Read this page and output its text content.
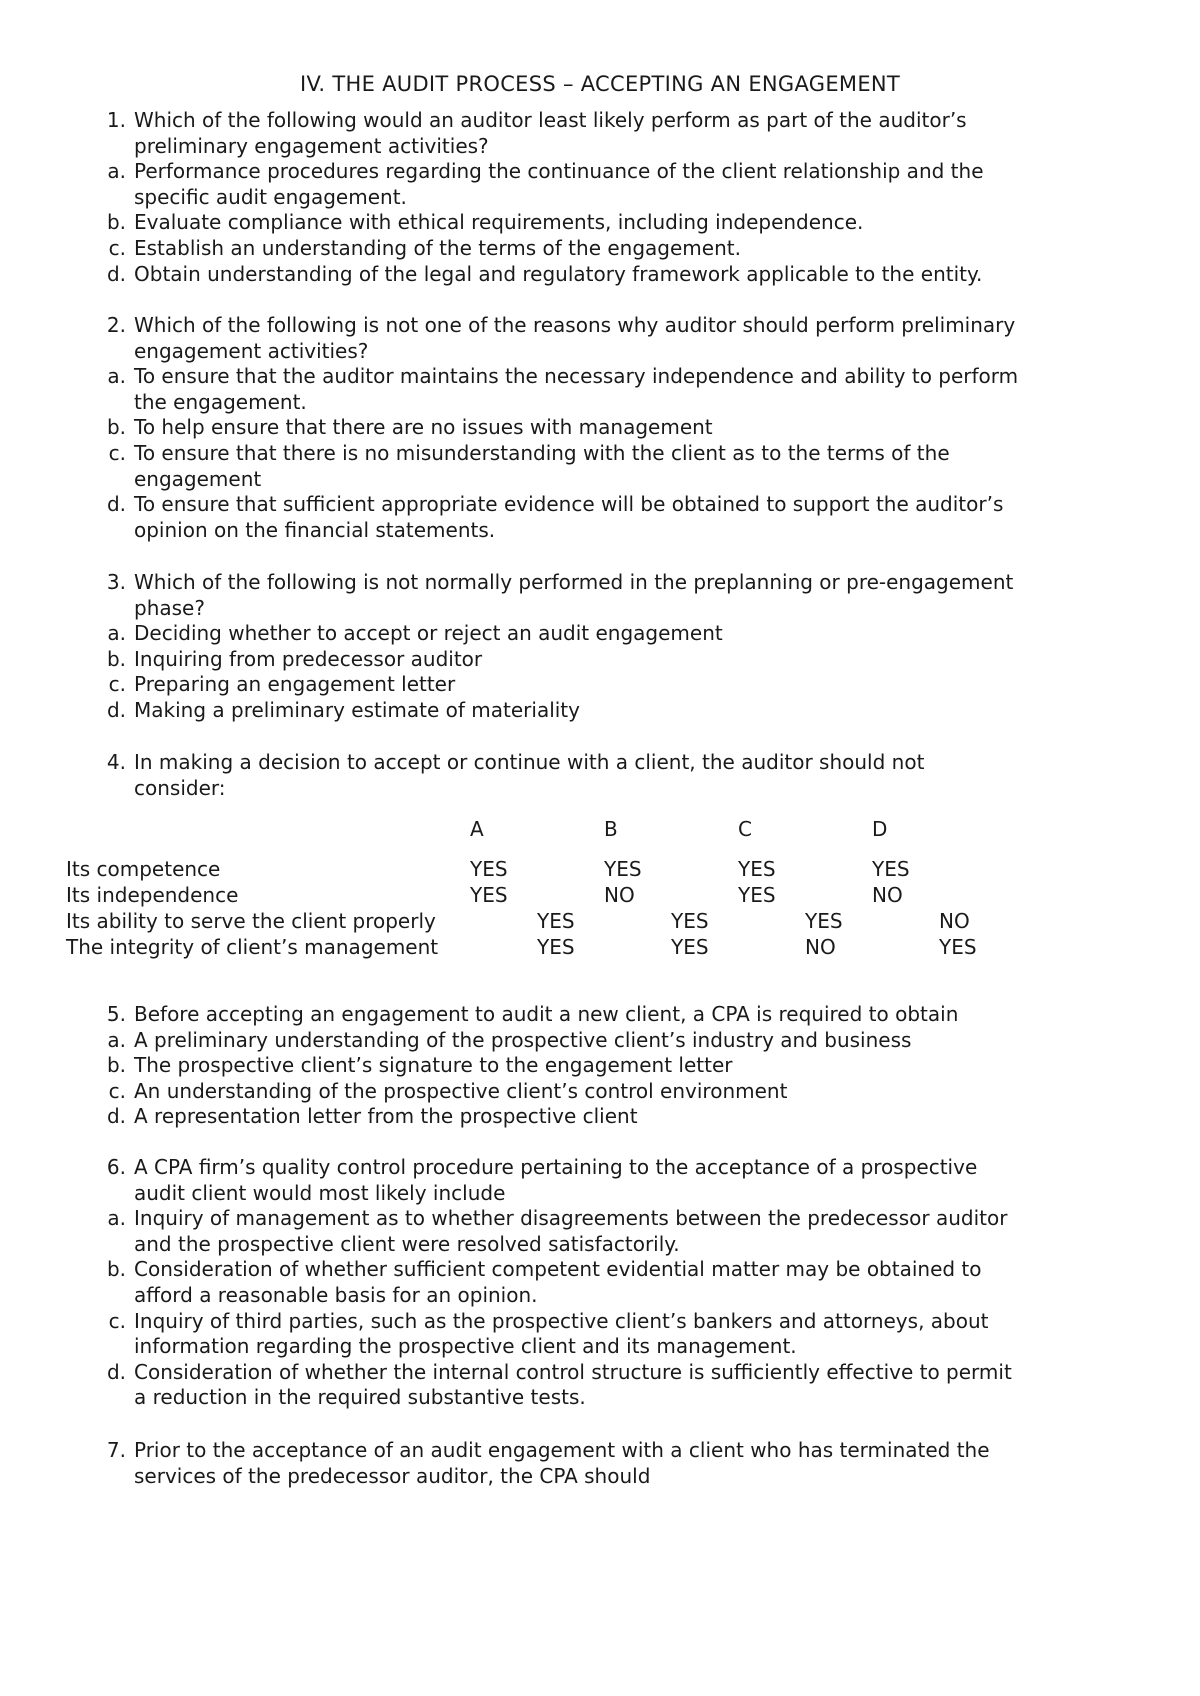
IV. THE AUDIT PROCESS – ACCEPTING AN ENGAGEMENT
1. Which of the following would an auditor least likely perform as part of the auditor’s
preliminary engagement activities?
a. Performance procedures regarding the continuance of the client relationship and the
specific audit engagement.
b. Evaluate compliance with ethical requirements, including independence.
c. Establish an understanding of the terms of the engagement.
d. Obtain understanding of the legal and regulatory framework applicable to the entity.
2. Which of the following is not one of the reasons why auditor should perform preliminary
engagement activities?
a. To ensure that the auditor maintains the necessary independence and ability to perform
the engagement.
b. To help ensure that there are no issues with management
c. To ensure that there is no misunderstanding with the client as to the terms of the
engagement
d. To ensure that sufficient appropriate evidence will be obtained to support the auditor’s
opinion on the financial statements.
3. Which of the following is not normally performed in the preplanning or pre-engagement
phase?
a. Deciding whether to accept or reject an audit engagement
b. Inquiring from predecessor auditor
c. Preparing an engagement letter
d. Making a preliminary estimate of materiality
4. In making a decision to accept or continue with a client, the auditor should not
consider:
A	B	C	D
Its competence	YES	YES	YES	YES
Its independence	YES	NO	YES	NO
Its ability to serve the client properly	YES	YES	YES	NO
The integrity of client’s management	YES	YES	NO	YES
5. Before accepting an engagement to audit a new client, a CPA is required to obtain
a. A preliminary understanding of the prospective client’s industry and business
b. The prospective client’s signature to the engagement letter
c. An understanding of the prospective client’s control environment
d. A representation letter from the prospective client
6. A CPA firm’s quality control procedure pertaining to the acceptance of a prospective
audit client would most likely include
a. Inquiry of management as to whether disagreements between the predecessor auditor
and the prospective client were resolved satisfactorily.
b. Consideration of whether sufficient competent evidential matter may be obtained to
afford a reasonable basis for an opinion.
c. Inquiry of third parties, such as the prospective client’s bankers and attorneys, about
information regarding the prospective client and its management.
d. Consideration of whether the internal control structure is sufficiently effective to permit
a reduction in the required substantive tests.
7. Prior to the acceptance of an audit engagement with a client who has terminated the
services of the predecessor auditor, the CPA should
